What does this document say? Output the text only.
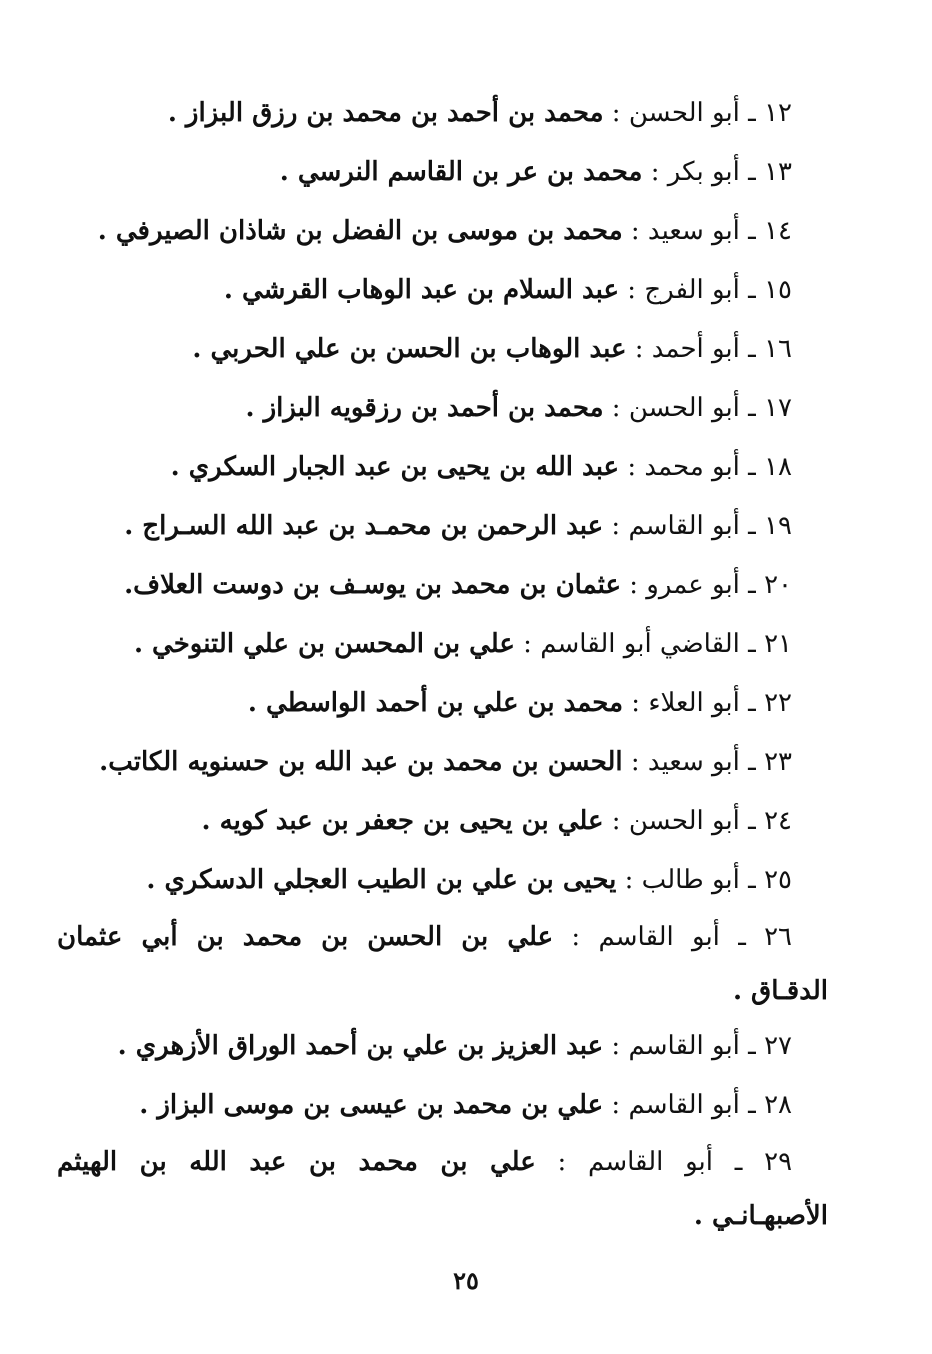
١٢ ـ أبو الحسن : محمد بن أحمد بن محمد بن رزق البزاز .
١٣ ـ أبو بكر : محمد بن عر بن القاسم النرسي .
١٤ ـ أبو سعيد : محمد بن موسى بن الفضل بن شاذان الصيرفي .
١٥ ـ أبو الفرج : عبد السلام بن عبد الوهاب القرشي .
١٦ ـ أبو أحمد : عبد الوهاب بن الحسن بن علي الحربي .
١٧ ـ أبو الحسن : محمد بن أحمد بن رزقويه البزاز .
١٨ ـ أبو محمد : عبد الله بن يحيى بن عبد الجبار السكري .
١٩ ـ أبو القاسم : عبد الرحمن بن محمـد بن عبد الله السـراج .
٢٠ ـ أبو عمرو : عثمان بن محمد بن يوسـف بن دوست العلاف.
٢١ ـ القاضي أبو القاسم : علي بن المحسن بن علي التنوخي .
٢٢ ـ أبو العلاء : محمد بن علي بن أحمد الواسطي .
٢٣ ـ أبو سعيد : الحسن بن محمد بن عبد الله بن حسنويه الكاتب.
٢٤ ـ أبو الحسن : علي بن يحيى بن جعفر بن عبد كويه .
٢٥ ـ أبو طالب : يحيى بن علي بن الطيب العجلي الدسكري .
٢٦ ـ أبو القاسم : علي بن الحسن بن محمد بن أبي عثمان
الدقـاق .
٢٧ ـ أبو القاسم : عبد العزيز بن علي بن أحمد الوراق الأزهري .
٢٨ ـ أبو القاسم : علي بن محمد بن عيسى بن موسى البزاز .
٢٩ ـ أبو القاسم : علي بن محمد بن عبد الله بن الهيثم
الأصبهـانـي .
٢٥
